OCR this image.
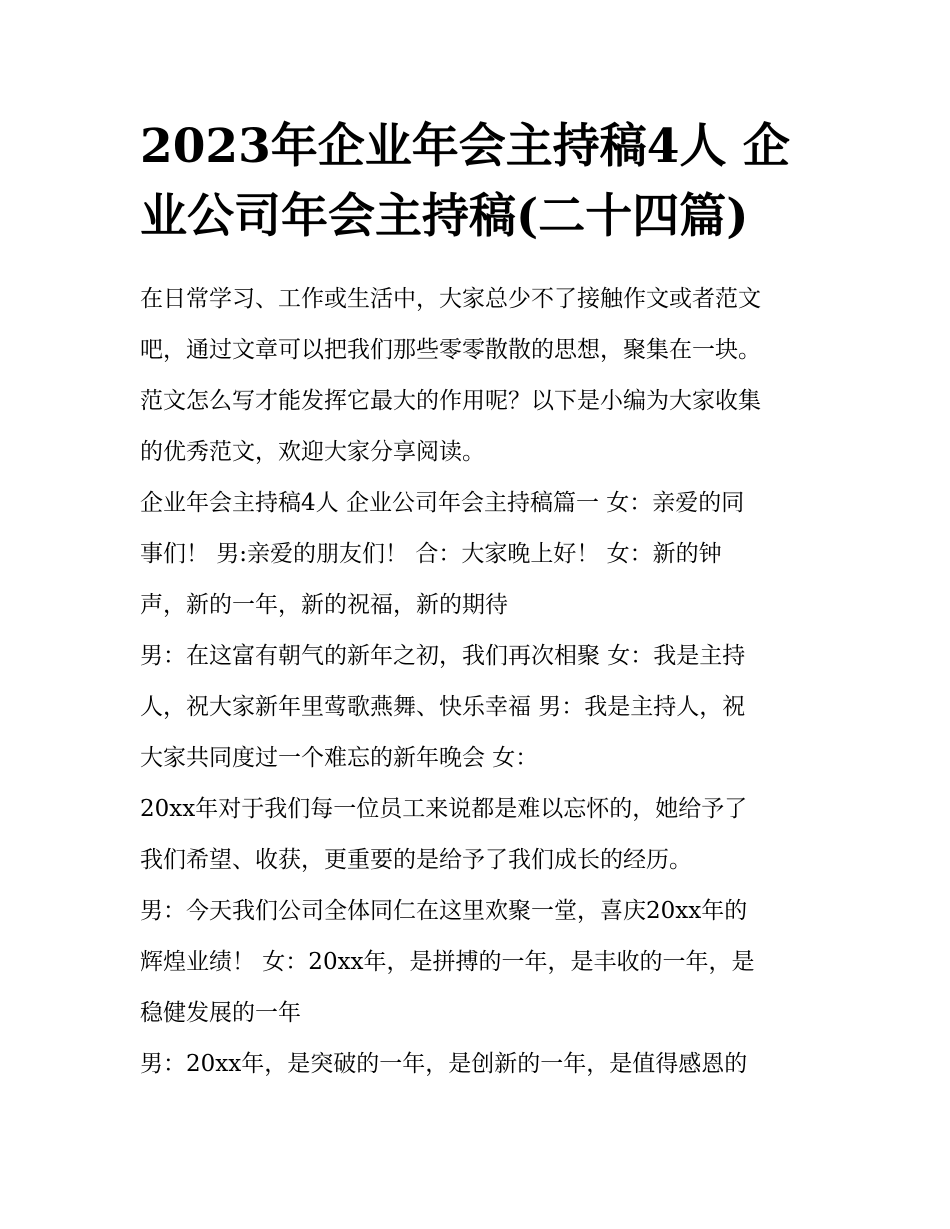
2023年企业年会主持稿4人 企
业公司年会主持稿(二十四篇)
在日常学习、工作或生活中，大家总少不了接触作文或者范文
吧，通过文章可以把我们那些零零散散的思想，聚集在一块。
范文怎么写才能发挥它最大的作用呢？以下是小编为大家收集
的优秀范文，欢迎大家分享阅读。
企业年会主持稿4人 企业公司年会主持稿篇一 女：亲爱的同
事们！ 男:亲爱的朋友们！ 合：大家晚上好！ 女：新的钟
声，新的一年，新的祝福，新的期待
男：在这富有朝气的新年之初，我们再次相聚 女：我是主持
人，祝大家新年里莺歌燕舞、快乐幸福 男：我是主持人，祝
大家共同度过一个难忘的新年晚会 女：
20xx年对于我们每一位员工来说都是难以忘怀的，她给予了
我们希望、收获，更重要的是给予了我们成长的经历。
男：今天我们公司全体同仁在这里欢聚一堂，喜庆20xx年的
辉煌业绩！ 女：20xx年，是拼搏的一年，是丰收的一年，是
稳健发展的一年
男：20xx年，是突破的一年，是创新的一年，是值得感恩的
